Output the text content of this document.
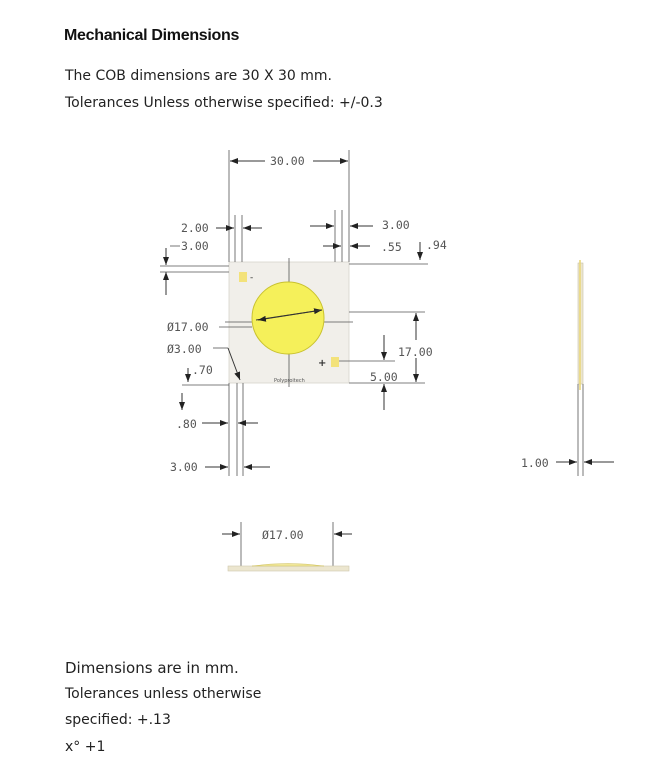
Mechanical Dimensions
The COB dimensions are 30 X 30 mm.
Tolerances Unless otherwise specified: +/-0.3
-
+
Polyproitech
30.00
2.00
3.00
3.00
.55 .94
Ø17.00
Ø3.00
.70
17.00
5.00
.80
3.00	1.00
Ø17.00
Dimensions are in mm.
Tolerances unless otherwise
specified: +.13
x° +1
